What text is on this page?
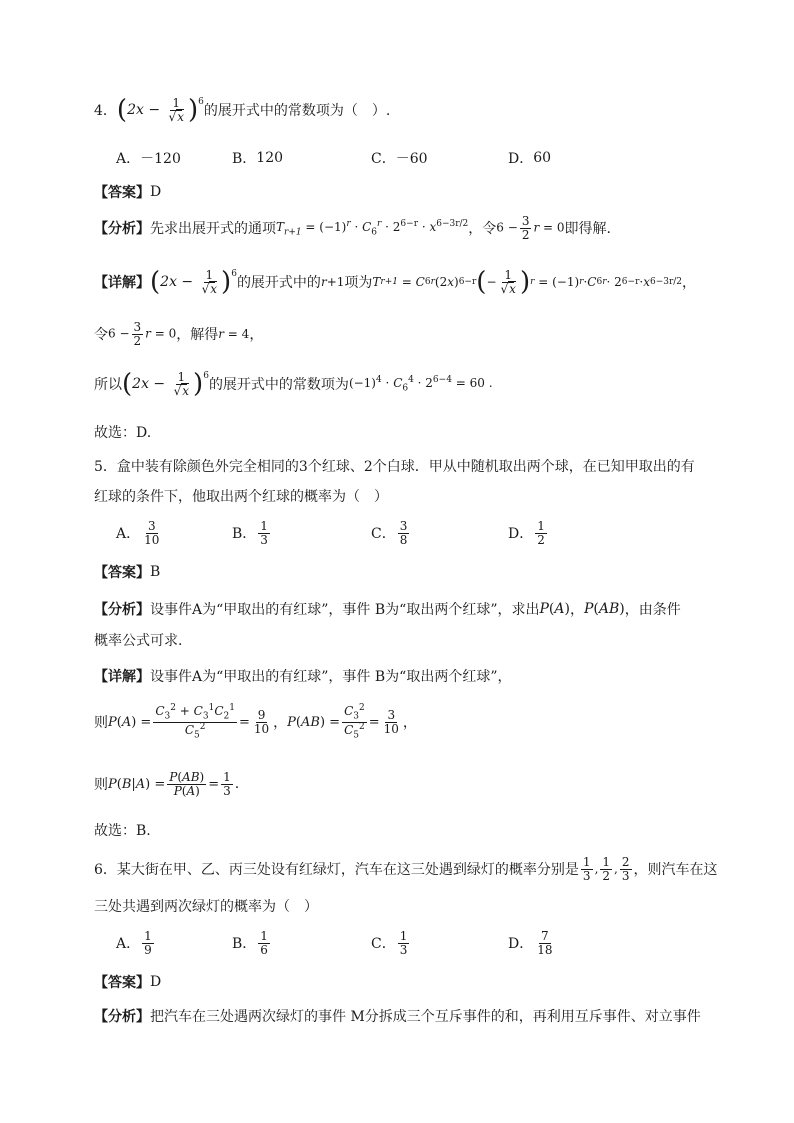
4． ( $2x - \frac{1}{√x} )^6$
的展开式中的常数项为（　）.
A． －120	B． 120	C． －60	D． 60
【答案】 D
【分析】 先求出展开式的通项 $T_{r+1} = (-1)^r \cdot C_6^r \cdot 2^{6-r} \cdot x^{6-3r/2}$ ，令 $6 - \frac{3}{2}$ r = 0 即得解.
【详解】 ( $2x - \frac{1}{√x} )^6$
的展开式中的 r +1 项为 T r+1 = C 6 r (2 x ) 6−r ( − $\frac{1}{√x}$ ) r = (−1) r · C 6 r · 2 6−r · x 6−3r/2 ，
令 $6 - \frac{3}{2}$ r = 0 ，解得 r = 4 ，
所以 ( $2x - \frac{1}{√x} )^6$
的展开式中的常数项为 $(-1)^4 \cdot C_6^4 \cdot 2^{6-4} = 60$ .
故选：D.
5． 盒中装有除颜色外完全相同的3个红球、2个白球．甲从中随机取出两个球，在已知甲取出的有
红球的条件下，他取出两个红球的概率为（　）
A． $\frac{3}{10}$	B． $\frac{1}{3}$	C． $\frac{3}{8}$	D． $\frac{1}{2}$
【答案】 B
【分析】 设事件A为“甲取出的有红球”，事件 B为“取出两个红球”，求出 P(A) ， P(AB) ，由条件
概率公式可求.
【详解】 设事件A为“甲取出的有红球”，事件 B为“取出两个红球”，
则 P ( A ) = $\frac{C_3^2 + C_3^1C_2^1}{C_5^2} = \frac{9}{10}$ ， P ( AB ) = $\frac{C_3^2}{C_5^2} = \frac{3}{10}$ ，
则 P ( B | A ) = $\frac{P(AB)}{P(A)} = \frac{1}{3}$ .
故选：B.
6． 某大街在甲、乙、丙三处设有红绿灯，汽车在这三处遇到绿灯的概率分别是 $\frac{1}{3}$ , $\frac{1}{2}$ , $\frac{2}{3}$ ，则汽车在这
三处共遇到两次绿灯的概率为（　）
A． $\frac{1}{9}$	B． $\frac{1}{6}$	C． $\frac{1}{3}$	D． $\frac{7}{18}$
【答案】 D
【分析】 把汽车在三处遇两次绿灯的事件 M分拆成三个互斥事件的和，再利用互斥事件、对立事件
